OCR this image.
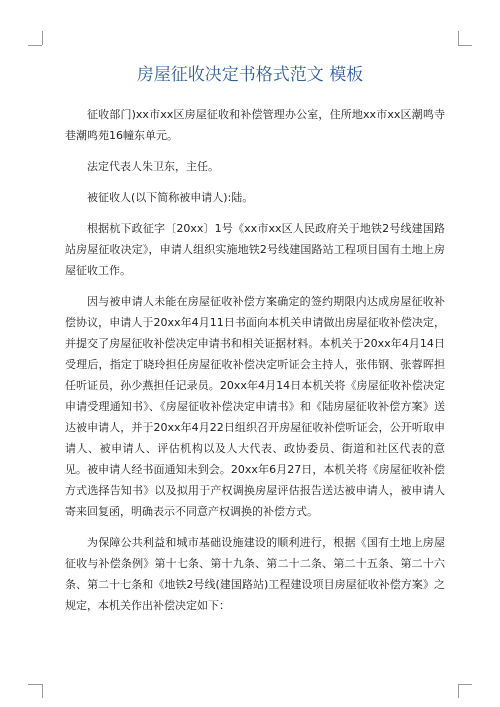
房屋征收决定书格式范文 模板

征收部门)xx市xx区房屋征收和补偿管理办公室，住所地xx市xx区潮鸣寺巷潮鸣苑16幢东单元。

法定代表人朱卫东，主任。

被征收人(以下简称被申请人):陆。

根据杭下政征字〔20xx〕1号《xx市xx区人民政府关于地铁2号线建国路站房屋征收决定》，申请人组织实施地铁2号线建国路站工程项目国有土地上房屋征收工作。

因与被申请人未能在房屋征收补偿方案确定的签约期限内达成房屋征收补偿协议，申请人于20xx年4月11日书面向本机关申请做出房屋征收补偿决定，并提交了房屋征收补偿决定申请书和相关证据材料。本机关于20xx年4月14日受理后，指定丁晓玲担任房屋征收补偿决定听证会主持人，张伟钢、张蓉晖担任听证员，孙少燕担任记录员。20xx年4月14日本机关将《房屋征收补偿决定申请受理通知书》、《房屋征收补偿决定申请书》和《陆房屋征收补偿方案》送达被申请人，并于20xx年4月22日组织召开房屋征收补偿听证会，公开听取申请人、被申请人、评估机构以及人大代表、政协委员、街道和社区代表的意见。被申请人经书面通知未到会。20xx年6月27日，本机关将《房屋征收补偿方式选择告知书》以及拟用于产权调换房屋评估报告送达被申请人，被申请人寄来回复函，明确表示不同意产权调换的补偿方式。

为保障公共利益和城市基础设施建设的顺利进行，根据《国有土地上房屋征收与补偿条例》第十七条、第十九条、第二十二条、第二十五条、第二十六条、第二十七条和《地铁2号线(建国路站)工程建设项目房屋征收补偿方案》之规定，本机关作出补偿决定如下：
